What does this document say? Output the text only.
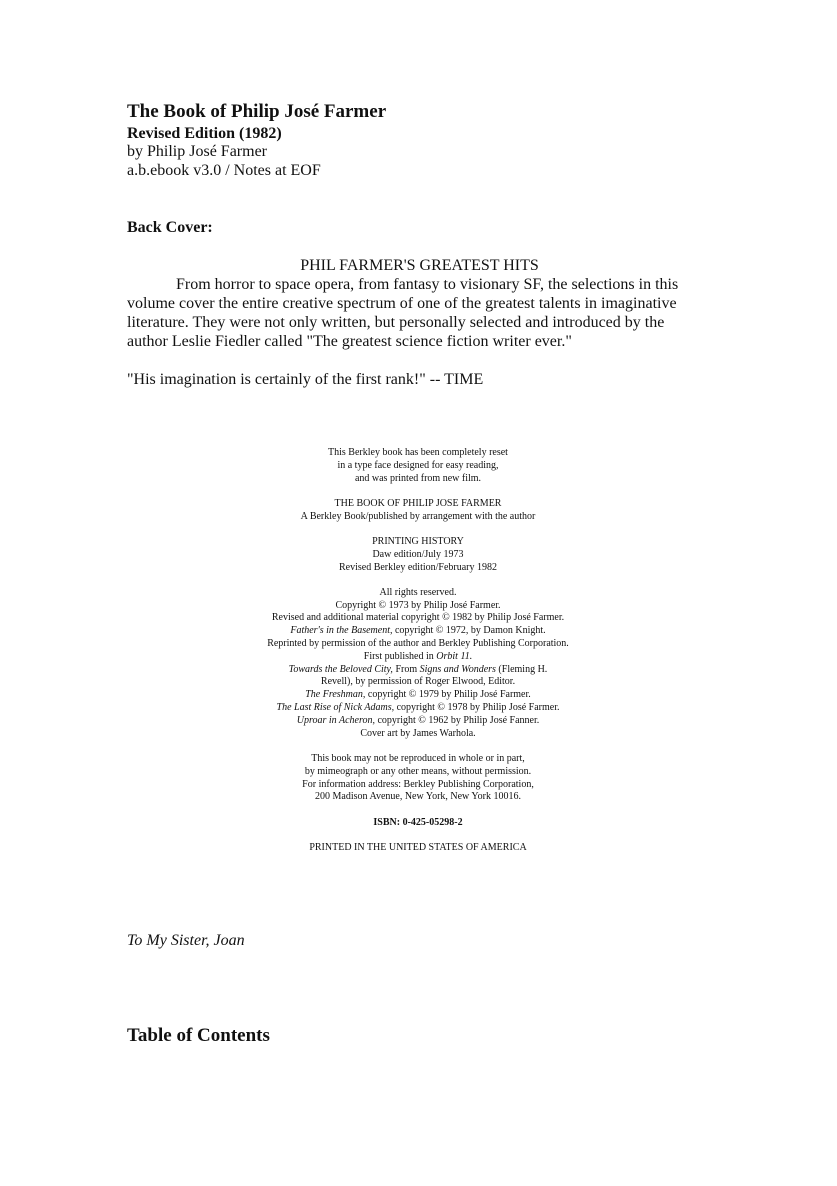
The Book of Philip José Farmer
Revised Edition (1982)
by Philip José Farmer
a.b.ebook v3.0 / Notes at EOF
Back Cover:
PHIL FARMER'S GREATEST HITS
From horror to space opera, from fantasy to visionary SF, the selections in this
volume cover the entire creative spectrum of one of the greatest talents in imaginative
literature. They were not only written, but personally selected and introduced by the
author Leslie Fiedler called "The greatest science fiction writer ever."
"His imagination is certainly of the first rank!" -- TIME
This Berkley book has been completely reset
in a type face designed for easy reading,
and was printed from new film.
THE BOOK OF PHILIP JOSE FARMER
A Berkley Book/published by arrangement with the author
PRINTING HISTORY
Daw edition/July 1973
Revised Berkley edition/February 1982
All rights reserved.
Copyright © 1973 by Philip José Farmer.
Revised and additional material copyright © 1982 by Philip José Farmer.
Father's in the Basement, copyright © 1972, by Damon Knight.
Reprinted by permission of the author and Berkley Publishing Corporation.
First published in Orbit 11.
Towards the Beloved City, From Signs and Wonders (Fleming H.
Revell), by permission of Roger Elwood, Editor.
The Freshman, copyright © 1979 by Philip José Farmer.
The Last Rise of Nick Adams, copyright © 1978 by Philip José Farmer.
Uproar in Acheron, copyright © 1962 by Philip José Fanner.
Cover art by James Warhola.
This book may not be reproduced in whole or in part,
by mimeograph or any other means, without permission.
For information address: Berkley Publishing Corporation,
200 Madison Avenue, New York, New York 10016.
ISBN: 0-425-05298-2
PRINTED IN THE UNITED STATES OF AMERICA
To My Sister, Joan
Table of Contents
